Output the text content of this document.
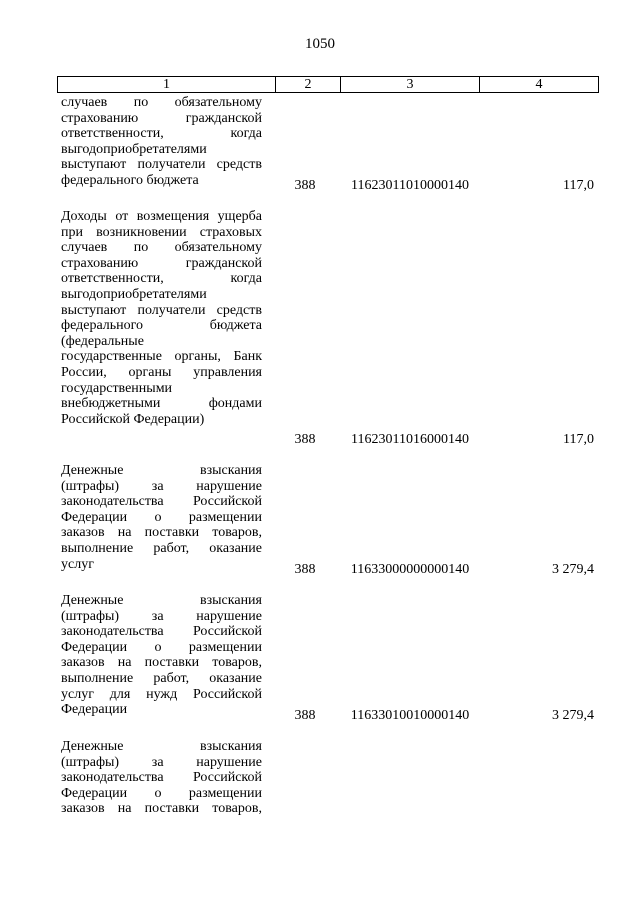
1050
1	2	3	4
случаев по обязательному
страхованию гражданской
ответственности, когда
выгодоприобретателями
выступают получатели средств
федерального бюджета	388	11623011010000140	117,0
Доходы от возмещения ущерба
при возникновении страховых
случаев по обязательному
страхованию гражданской
ответственности, когда
выгодоприобретателями
выступают получатели средств
федерального бюджета
(федеральные
государственные органы, Банк
России, органы управления
государственными
внебюджетными фондами
Российской Федерации)
388	11623011016000140	117,0
Денежные взыскания
(штрафы) за нарушение
законодательства Российской
Федерации о размещении
заказов на поставки товаров,
выполнение работ, оказание
услуг	388	11633000000000140	3 279,4
Денежные взыскания
(штрафы) за нарушение
законодательства Российской
Федерации о размещении
заказов на поставки товаров,
выполнение работ, оказание
услуг для нужд Российской
Федерации	388	11633010010000140	3 279,4
Денежные взыскания
(штрафы) за нарушение
законодательства Российской
Федерации о размещении
заказов на поставки товаров,
